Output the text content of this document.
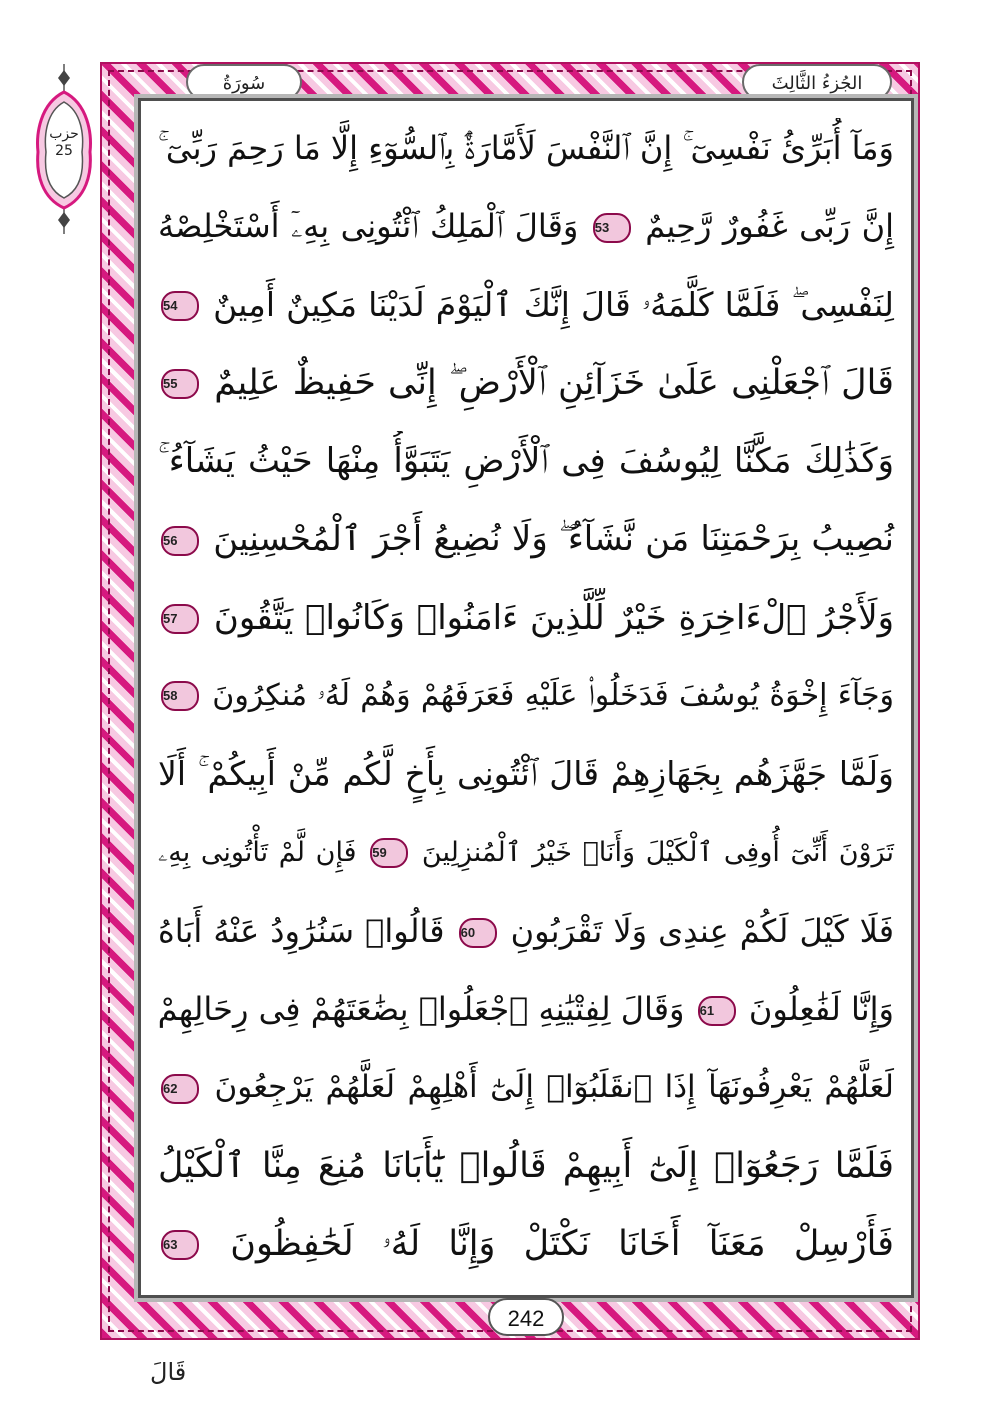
حزب
25
الجُزءُ الثَّالِثَ
سُورَةُ
وَمَآ أُبَرِّئُ نَفْسِىٓ ۚ إِنَّ ٱلنَّفْسَ لَأَمَّارَةٌۢ بِٱلسُّوٓءِ إِلَّا مَا رَحِمَ رَبِّىٓ ۚ
إِنَّ رَبِّى غَفُورٌ رَّحِيمٌ 53 وَقَالَ ٱلْمَلِكُ ٱئْتُونِى بِهِۦٓ أَسْتَخْلِصْهُ
لِنَفْسِى ۖ فَلَمَّا كَلَّمَهُۥ قَالَ إِنَّكَ ٱلْيَوْمَ لَدَيْنَا مَكِينٌ أَمِينٌ 54
قَالَ ٱجْعَلْنِى عَلَىٰ خَزَآئِنِ ٱلْأَرْضِ ۖ إِنِّى حَفِيظٌ عَلِيمٌ 55
وَكَذَٰلِكَ مَكَّنَّا لِيُوسُفَ فِى ٱلْأَرْضِ يَتَبَوَّأُ مِنْهَا حَيْثُ يَشَآءُ ۚ
نُصِيبُ بِرَحْمَتِنَا مَن نَّشَآءُ ۖ وَلَا نُضِيعُ أَجْرَ ٱلْمُحْسِنِينَ 56
وَلَأَجْرُ ٱلْءَاخِرَةِ خَيْرٌ لِّلَّذِينَ ءَامَنُوا۟ وَكَانُوا۟ يَتَّقُونَ 57
وَجَآءَ إِخْوَةُ يُوسُفَ فَدَخَلُوا۟ عَلَيْهِ فَعَرَفَهُمْ وَهُمْ لَهُۥ مُنكِرُونَ 58
وَلَمَّا جَهَّزَهُم بِجَهَازِهِمْ قَالَ ٱئْتُونِى بِأَخٍ لَّكُم مِّنْ أَبِيكُمْ ۚ أَلَا
تَرَوْنَ أَنِّىٓ أُوفِى ٱلْكَيْلَ وَأَنَا۠ خَيْرُ ٱلْمُنزِلِينَ 59 فَإِن لَّمْ تَأْتُونِى بِهِۦ
فَلَا كَيْلَ لَكُمْ عِندِى وَلَا تَقْرَبُونِ 60 قَالُوا۟ سَنُرَٰوِدُ عَنْهُ أَبَاهُ
وَإِنَّا لَفَٰعِلُونَ 61 وَقَالَ لِفِتْيَٰنِهِ ٱجْعَلُوا۟ بِضَٰعَتَهُمْ فِى رِحَالِهِمْ
لَعَلَّهُمْ يَعْرِفُونَهَآ إِذَا ٱنقَلَبُوٓا۟ إِلَىٰٓ أَهْلِهِمْ لَعَلَّهُمْ يَرْجِعُونَ 62
فَلَمَّا رَجَعُوٓا۟ إِلَىٰٓ أَبِيهِمْ قَالُوا۟ يَٰٓأَبَانَا مُنِعَ مِنَّا ٱلْكَيْلُ
فَأَرْسِلْ مَعَنَآ أَخَانَا نَكْتَلْ وَإِنَّا لَهُۥ لَحَٰفِظُونَ 63
242
قَالَ
